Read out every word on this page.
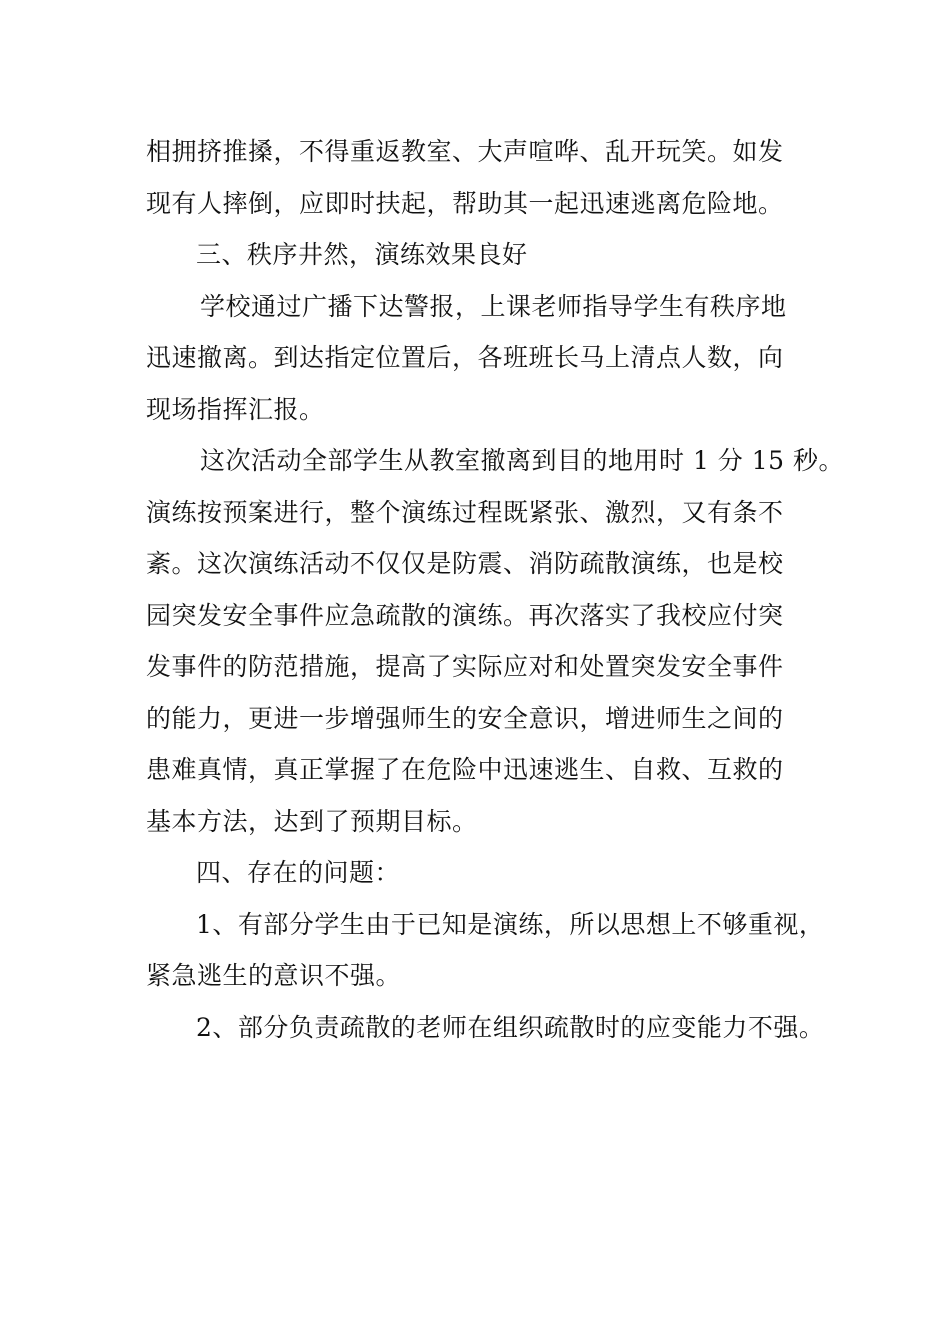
相拥挤推搡，不得重返教室、大声喧哗、乱开玩笑。如发

现有人摔倒，应即时扶起，帮助其一起迅速逃离危险地。

三、秩序井然，演练效果良好

学校通过广播下达警报，上课老师指导学生有秩序地

迅速撤离。到达指定位置后，各班班长马上清点人数，向

现场指挥汇报。

这次活动全部学生从教室撤离到目的地用时 1 分 15 秒。

演练按预案进行，整个演练过程既紧张、激烈，又有条不

紊。这次演练活动不仅仅是防震、消防疏散演练，也是校

园突发安全事件应急疏散的演练。再次落实了我校应付突

发事件的防范措施，提高了实际应对和处置突发安全事件

的能力，更进一步增强师生的安全意识，增进师生之间的

患难真情，真正掌握了在危险中迅速逃生、自救、互救的

基本方法，达到了预期目标。

四、存在的问题：

1、有部分学生由于已知是演练，所以思想上不够重视，

紧急逃生的意识不强。

2、部分负责疏散的老师在组织疏散时的应变能力不强。
